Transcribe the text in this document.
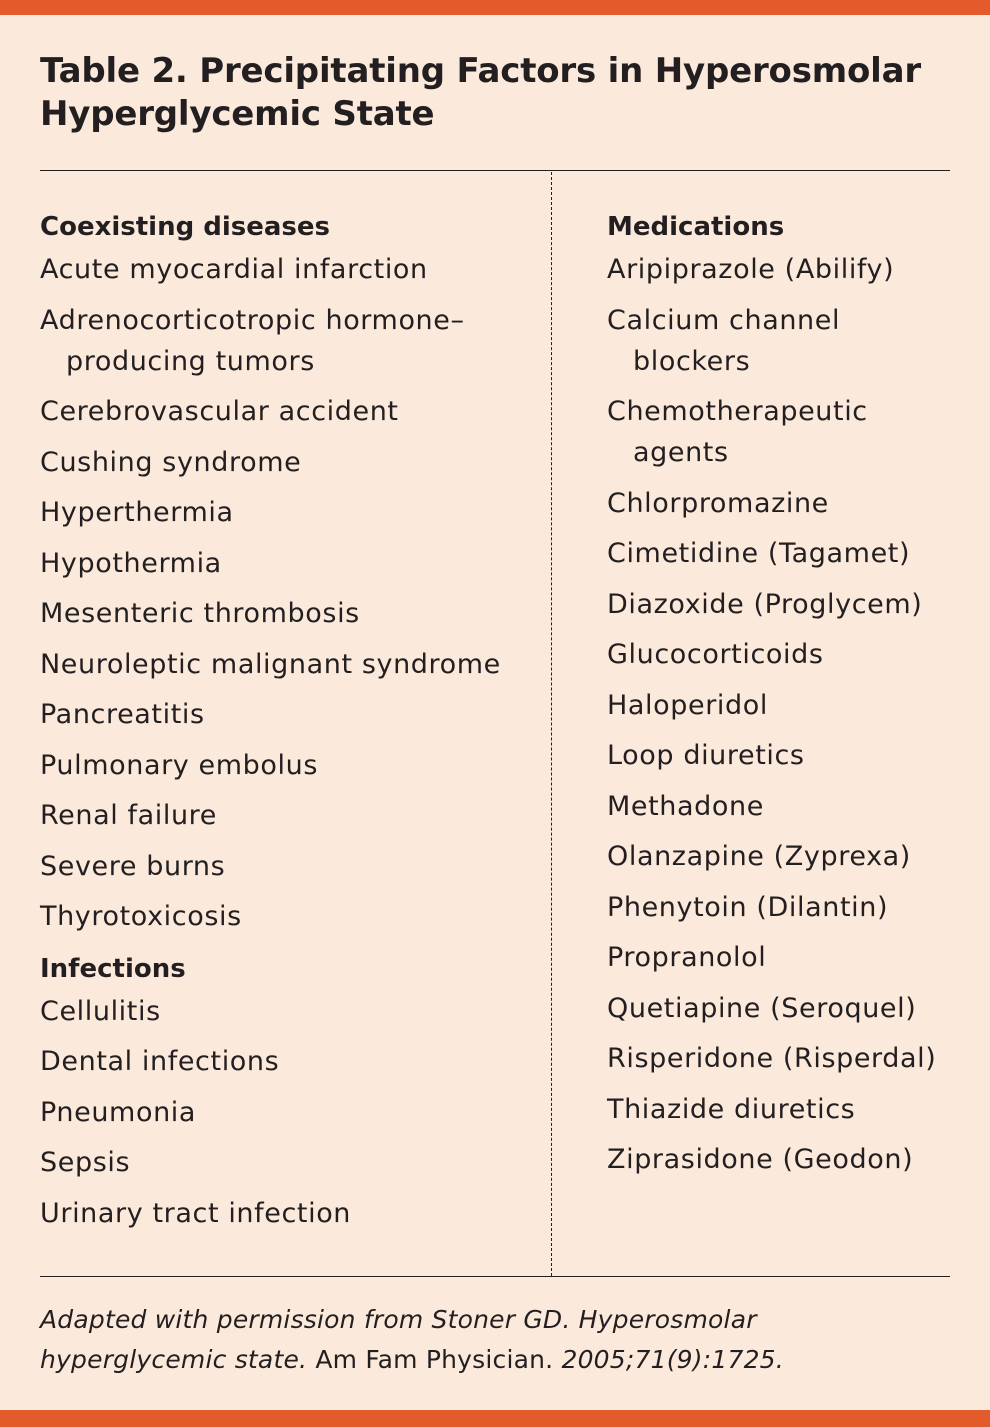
Table 2. Precipitating Factors in Hyperosmolar Hyperglycemic State
Coexisting diseases
Acute myocardial infarction
Adrenocorticotropic hormone–producing tumors
Cerebrovascular accident
Cushing syndrome
Hyperthermia
Hypothermia
Mesenteric thrombosis
Neuroleptic malignant syndrome
Pancreatitis
Pulmonary embolus
Renal failure
Severe burns
Thyrotoxicosis
Infections
Cellulitis
Dental infections
Pneumonia
Sepsis
Urinary tract infection
Medications
Aripiprazole (Abilify)
Calcium channel blockers
Chemotherapeutic agents
Chlorpromazine
Cimetidine (Tagamet)
Diazoxide (Proglycem)
Glucocorticoids
Haloperidol
Loop diuretics
Methadone
Olanzapine (Zyprexa)
Phenytoin (Dilantin)
Propranolol
Quetiapine (Seroquel)
Risperidone (Risperdal)
Thiazide diuretics
Ziprasidone (Geodon)

Adapted with permission from Stoner GD. Hyperosmolar hyperglycemic state. Am Fam Physician. 2005;71(9):1725.
